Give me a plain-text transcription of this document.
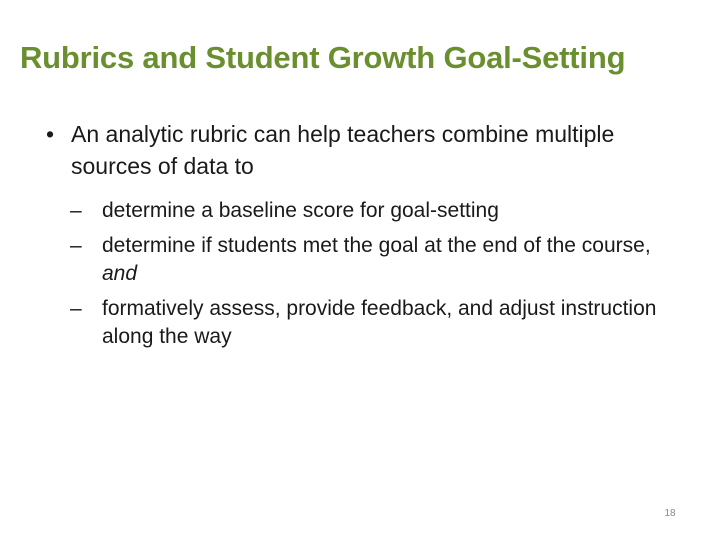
Rubrics and Student Growth Goal-Setting
• An analytic rubric can help teachers combine multiple sources of data to
– determine a baseline score for goal-setting
– determine if students met the goal at the end of the course, and
– formatively assess, provide feedback, and adjust instruction along the way
18
